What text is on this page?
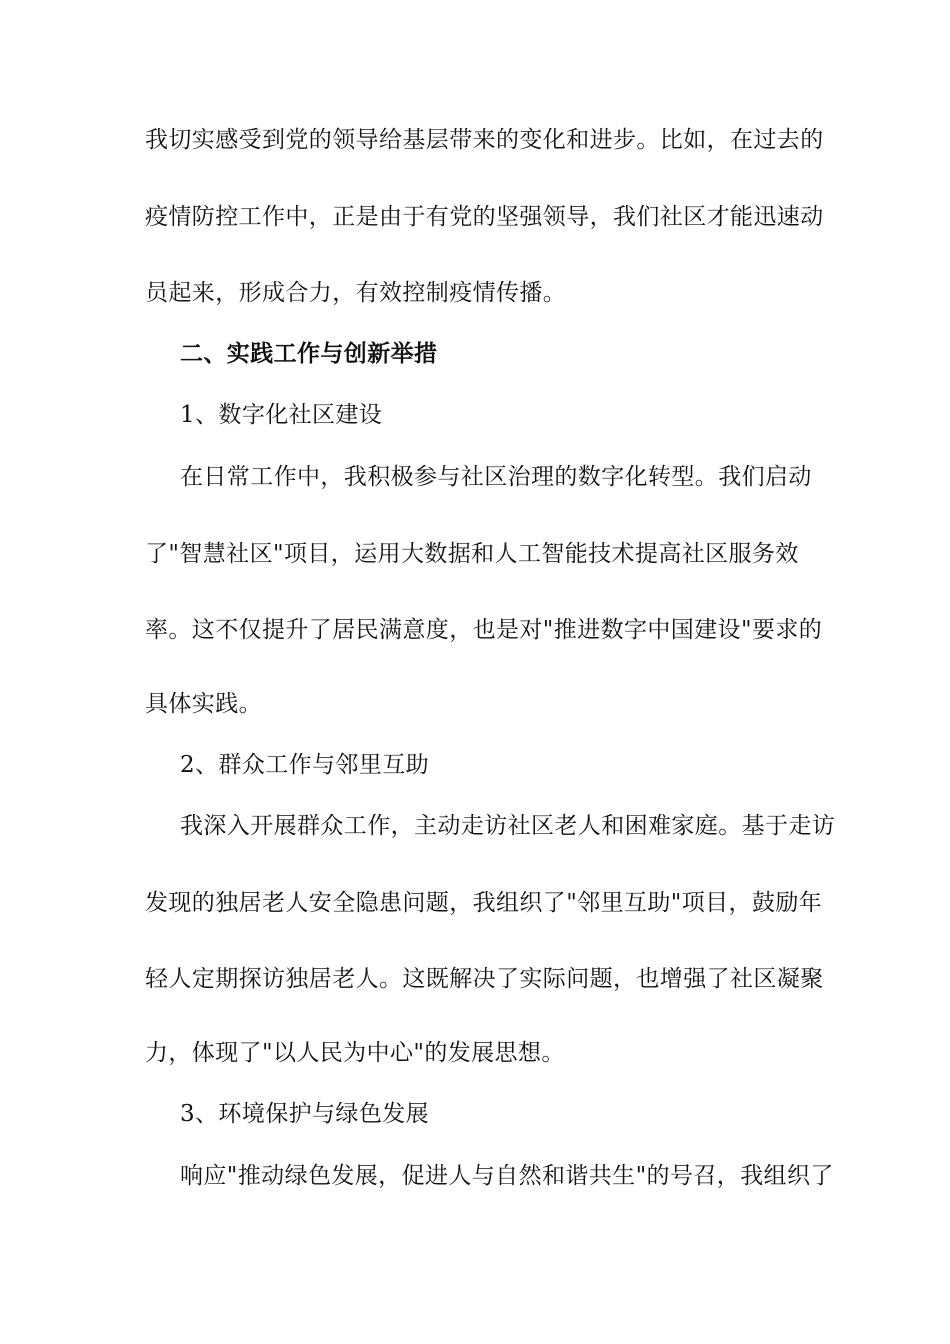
我切实感受到党的领导给基层带来的变化和进步。比如，在过去的
疫情防控工作中，正是由于有党的坚强领导，我们社区才能迅速动
员起来，形成合力，有效控制疫情传播。
二、实践工作与创新举措
1、数字化社区建设
在日常工作中，我积极参与社区治理的数字化转型。我们启动
了"智慧社区"项目，运用大数据和人工智能技术提高社区服务效
率。这不仅提升了居民满意度，也是对"推进数字中国建设"要求的
具体实践。
2、群众工作与邻里互助
我深入开展群众工作，主动走访社区老人和困难家庭。基于走访
发现的独居老人安全隐患问题，我组织了"邻里互助"项目，鼓励年
轻人定期探访独居老人。这既解决了实际问题，也增强了社区凝聚
力，体现了"以人民为中心"的发展思想。
3、环境保护与绿色发展
响应"推动绿色发展，促进人与自然和谐共生"的号召，我组织了
